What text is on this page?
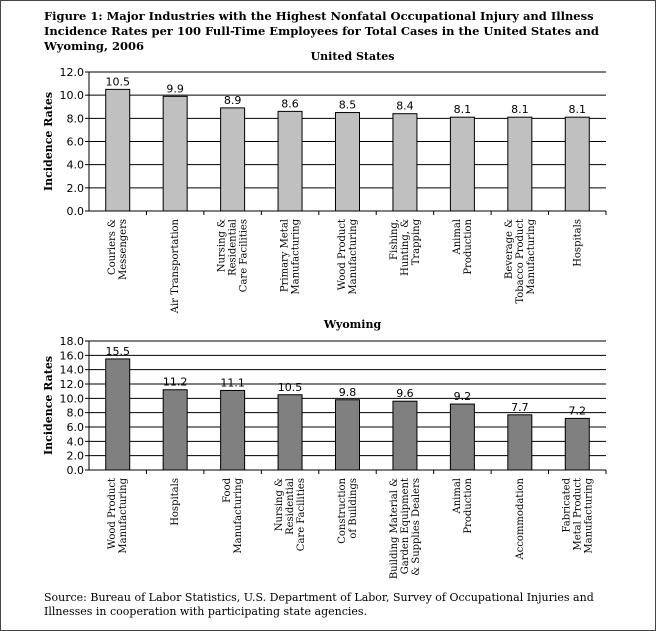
Figure 1: Major Industries with the Highest Nonfatal Occupational Injury and Illness Incidence Rates per 100 Full-Time Employees for Total Cases in the United States and Wyoming, 2006

United States
Incidence Rates
12.0
10.0
8.0
6.0
4.0
2.0
0.0
10.5
Couriers & Messengers
9.9
Air Transportation
8.9
Nursing & Residential Care Facilities
8.6
Primary Metal Manufacturing
8.5
Wood Product Manufacturing
8.4
Fishing, Hunting, & Trapping
8.1
Animal Production
8.1
Beverage & Tobacco Product Manufacturing
8.1
Hospitals
Wyoming
Incidence Rates
18.0
16.0
14.0
12.0
10.0
8.0
6.0
4.0
2.0
0.0
15.5
Wood Product Manufacturing
11.2
Hospitals
11.1
Food Manufacturing
10.5
Nursing & Residential Care Facilities
9.8
Construction of Buildings
9.6
Building Material & Garden Equipment & Supplies Dealers
9.2
Animal Production
7.7
Accommodation
7.2
Fabricated Metal Product Manufacturing

Source: Bureau of Labor Statistics, U.S. Department of Labor, Survey of Occupational Injuries and Illnesses in cooperation with participating state agencies.
